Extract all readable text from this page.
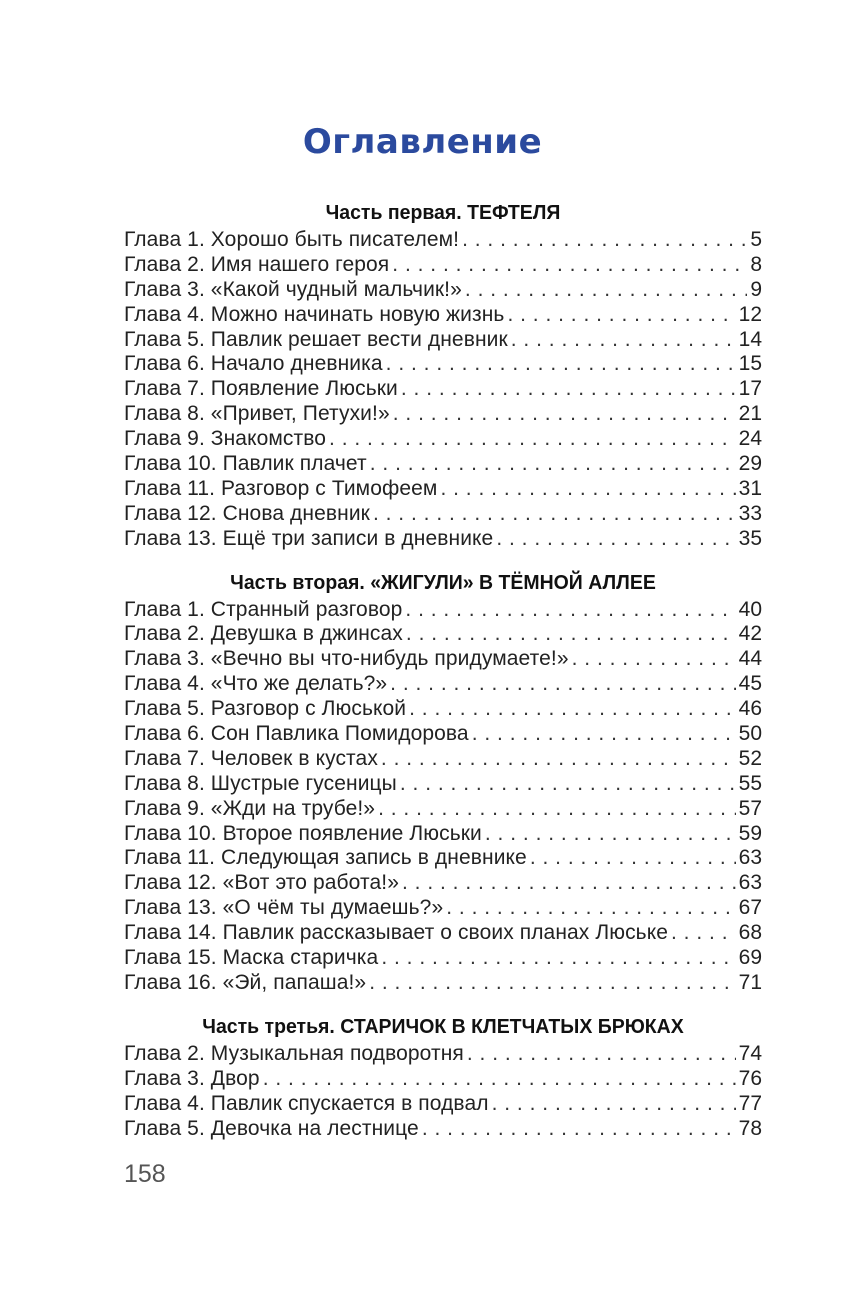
Оглавление
Часть первая. ТЕФТЕЛЯ
Глава 1. Хорошо быть писателем! . . .	5
Глава 2. Имя нашего героя . . .	8
Глава 3. «Какой чудный мальчик!» . . .	9
Глава 4. Можно начинать новую жизнь . . .	12
Глава 5. Павлик решает вести дневник . . .	14
Глава 6. Начало дневника . . .	15
Глава 7. Появление Люськи . . .	17
Глава 8. «Привет, Петухи!» . . .	21
Глава 9. Знакомство . . .	24
Глава 10. Павлик плачет . . .	29
Глава 11. Разговор с Тимофеем . . .	31
Глава 12. Снова дневник . . .	33
Глава 13. Ещё три записи в дневнике . . .	35
Часть вторая. «ЖИГУЛИ» В ТЁМНОЙ АЛЛЕЕ
Глава 1. Странный разговор . . .	40
Глава 2. Девушка в джинсах . . .	42
Глава 3. «Вечно вы что-нибудь придумаете!» . . .	44
Глава 4. «Что же делать?» . . .	45
Глава 5. Разговор с Люськой . . .	46
Глава 6. Сон Павлика Помидорова . . .	50
Глава 7. Человек в кустах . . .	52
Глава 8. Шустрые гусеницы . . .	55
Глава 9. «Жди на трубе!» . . .	57
Глава 10. Второе появление Люськи . . .	59
Глава 11. Следующая запись в дневнике . . .	63
Глава 12. «Вот это работа!» . . .	63
Глава 13. «О чём ты думаешь?» . . .	67
Глава 14. Павлик рассказывает о своих планах Люське . . .	68
Глава 15. Маска старичка . . .	69
Глава 16. «Эй, папаша!» . . .	71
Часть третья. СТАРИЧОК В КЛЕТЧАТЫХ БРЮКАХ
Глава 2. Музыкальная подворотня . . .	74
Глава 3. Двор . . .	76
Глава 4. Павлик спускается в подвал . . .	77
Глава 5. Девочка на лестнице . . .	78
158
